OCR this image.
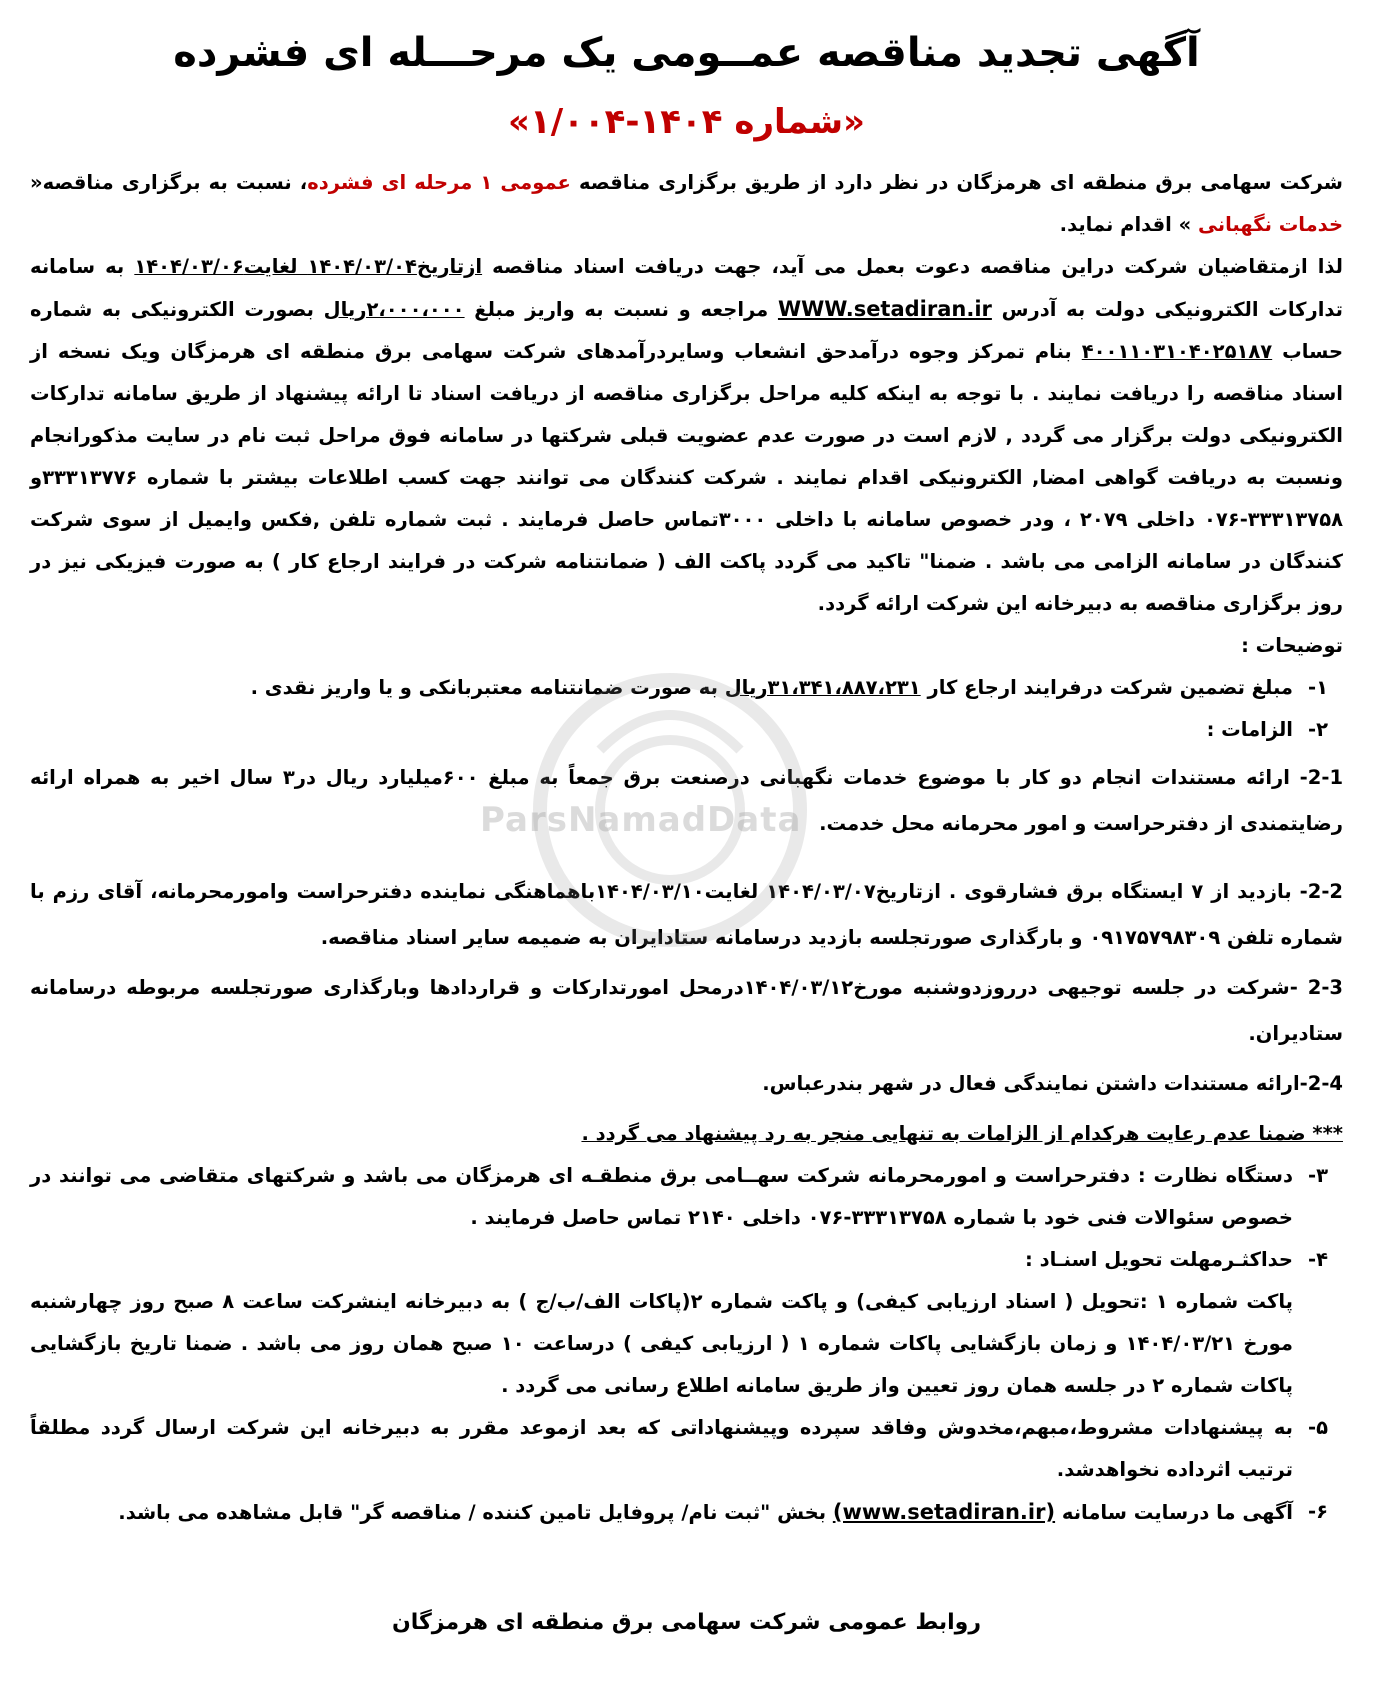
آگهی تجدید مناقصه عمــومی یک مرحـــله ای فشرده
«شماره ۱۴۰۴-۱/۰۰۴»

شرکت سهامی برق منطقه ای هرمزگان در نظر دارد از طریق برگزاری مناقصه عمومی ۱ مرحله ای فشرده، نسبت به برگزاری مناقصه« خدمات نگهبانی » اقدام نماید.

لذا ازمتقاضیان شرکت دراین مناقصه دعوت بعمل می آید، جهت دریافت اسناد مناقصه ازتاریخ۱۴۰۴/۰۳/۰۴ لغایت۱۴۰۴/۰۳/۰۶ به سامانه تدارکات الکترونیکی دولت به آدرس WWW.setadiran.ir مراجعه و نسبت به واریز مبلغ ۲،۰۰۰،۰۰۰ریال بصورت الکترونیکی به شماره حساب ۴۰۰۱۱۰۳۱۰۴۰۲۵۱۸۷ بنام تمرکز وجوه درآمدحق انشعاب وسایردرآمدهای شرکت سهامی برق منطقه ای هرمزگان ویک نسخه از اسناد مناقصه را دریافت نمایند . با توجه به اینکه کلیه مراحل برگزاری مناقصه از دریافت اسناد تا ارائه پیشنهاد از طریق سامانه تدارکات الکترونیکی دولت برگزار می گردد , لازم است در صورت عدم عضویت قبلی شرکتها در سامانه فوق مراحل ثبت نام در سایت مذکورانجام ونسبت به دریافت گواهی امضا, الکترونیکی اقدام نمایند . شرکت کنندگان می توانند جهت کسب اطلاعات بیشتر با شماره ۳۳۳۱۳۷۷۶و ۳۳۳۱۳۷۵۸-۰۷۶ داخلی ۲۰۷۹ ، ودر خصوص سامانه با داخلی ۳۰۰۰تماس حاصل فرمایند . ثبت شماره تلفن ,فکس وایمیل از سوی شرکت کنندگان در سامانه الزامی می باشد . ضمنا" تاکید می گردد پاکت الف ( ضمانتنامه شرکت در فرایند ارجاع کار ) به صورت فیزیکی نیز در روز برگزاری مناقصه به دبیرخانه این شرکت ارائه گردد.

توضیحات :

۱-
مبلغ تضمین شرکت درفرایند ارجاع کار ۳۱،۳۴۱،۸۸۷،۲۳۱ریال به صورت ضمانتنامه معتبربانکی و یا واریز نقدی .
۲-
الزامات :
2-1- ارائه مستندات انجام دو کار با موضوع خدمات نگهبانی درصنعت برق جمعاً به مبلغ ۶۰۰میلیارد ریال در۳ سال اخیر به همراه ارائه رضایتمندی از دفترحراست و امور محرمانه محل خدمت.
2-2- بازدید از ۷ ایستگاه برق فشارقوی . ازتاریخ۱۴۰۴/۰۳/۰۷ لغایت۱۴۰۴/۰۳/۱۰باهماهنگی نماینده دفترحراست وامورمحرمانه، آقای رزم با شماره تلفن ۰۹۱۷۵۷۹۸۳۰۹ و بارگذاری صورتجلسه بازدید درسامانه ستادایران به ضمیمه سایر اسناد مناقصه.
2-3 -شرکت در جلسه توجیهی درروزدوشنبه مورخ۱۴۰۴/۰۳/۱۲درمحل امورتدارکات و قراردادها وبارگذاری صورتجلسه مربوطه درسامانه ستادیران.
2-4-ارائه مستندات داشتن نمایندگی فعال در شهر بندرعباس.

*** ضمنا عدم رعایت هرکدام از الزامات به تنهایی منجر به رد پیشنهاد می گردد .

۳-
دستگاه نظارت : دفترحراست و امورمحرمانه شرکت سهــامی برق منطقـه ای هرمزگان می باشد و شرکتهای متقاضی می توانند در خصوص سئوالات فنی خود با شماره ۳۳۳۱۳۷۵۸-۰۷۶ داخلی ۲۱۴۰ تماس حاصل فرمایند .
۴-
حداکثـرمهلت تحویل اسنـاد :

پاکت شماره ۱ :تحویل ( اسناد ارزیابی کیفی) و پاکت شماره ۲(پاکات الف/ب/ج ) به دبیرخانه اینشرکت ساعت ۸ صبح روز چهارشنبه مورخ ۱۴۰۴/۰۳/۲۱ و زمان بازگشایی پاکات شماره ۱ ( ارزیابی کیفی ) درساعت ۱۰ صبح همان روز می باشد . ضمنا تاریخ بازگشایی پاکات شماره ۲ در جلسه همان روز تعیین واز طریق سامانه اطلاع رسانی می گردد .

۵-
به پیشنهادات مشروط،مبهم،مخدوش وفاقد سپرده وپیشنهاداتی که بعد ازموعد مقرر به دبیرخانه این شرکت ارسال گردد مطلقاً ترتیب اثرداده نخواهدشد.
۶-
آگهی ما درسایت سامانه (www.setadiran.ir) بخش "ثبت نام/ پروفایل تامین کننده / مناقصه گر" قابل مشاهده می باشد.
ParsNamadData
روابط عمومی شرکت سهامی برق منطقه ای هرمزگان
